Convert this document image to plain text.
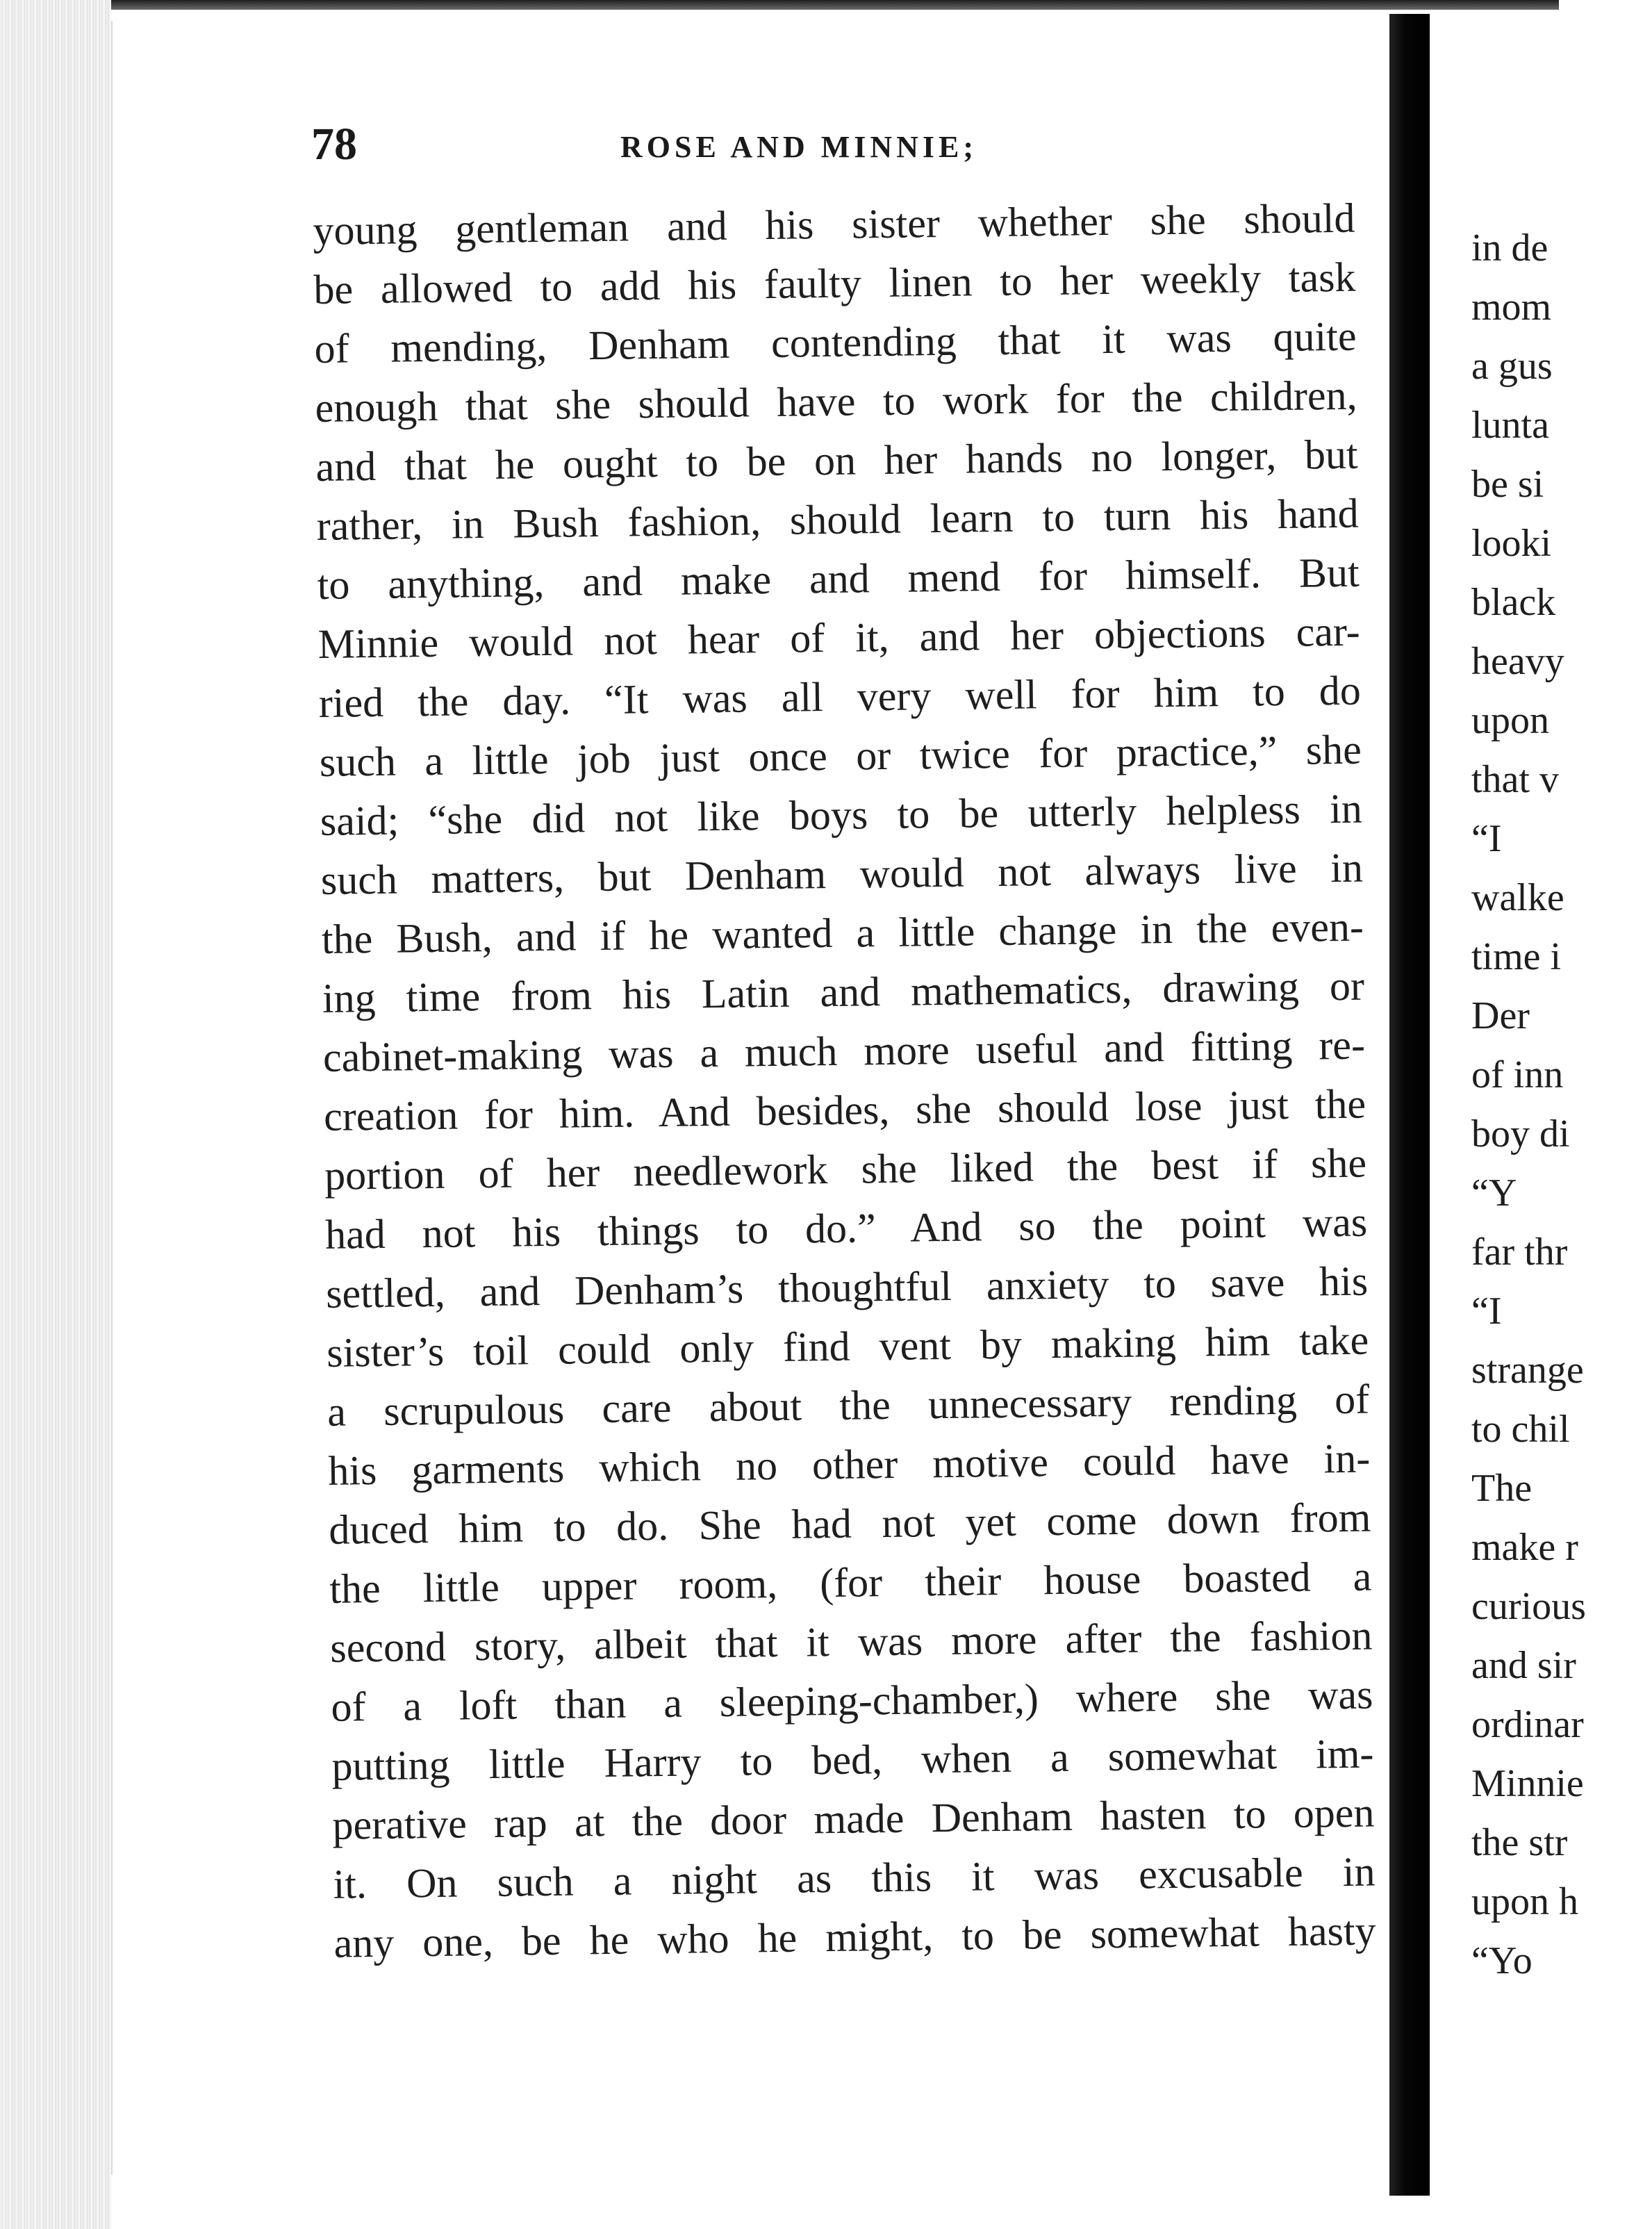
78	ROSE AND MINNIE;
young gentleman and his sister whether she should
be allowed to add his faulty linen to her weekly task
of mending, Denham contending that it was quite
enough that she should have to work for the children,
and that he ought to be on her hands no longer, but
rather, in Bush fashion, should learn to turn his hand
to anything, and make and mend for himself. But
Minnie would not hear of it, and her objections car-
ried the day. “It was all very well for him to do
such a little job just once or twice for practice,” she
said; “she did not like boys to be utterly helpless in
such matters, but Denham would not always live in
the Bush, and if he wanted a little change in the even-
ing time from his Latin and mathematics, drawing or
cabinet-making was a much more useful and fitting re-
creation for him. And besides, she should lose just the
portion of her needlework she liked the best if she
had not his things to do.” And so the point was
settled, and Denham’s thoughtful anxiety to save his
sister’s toil could only find vent by making him take
a scrupulous care about the unnecessary rending of
his garments which no other motive could have in-
duced him to do. She had not yet come down from
the little upper room, (for their house boasted a
second story, albeit that it was more after the fashion
of a loft than a sleeping-chamber,) where she was
putting little Harry to bed, when a somewhat im-
perative rap at the door made Denham hasten to open
it. On such a night as this it was excusable in
any one, be he who he might, to be somewhat hasty
in de
mom
a gus
lunta
be si
looki
black
heavy
upon
that v
“I
walke
time i
Der
of inn
boy di
“Y
far thr
“I
strange
to chil
The
make r
curious
and sir
ordinar
Minnie
the str
upon h
“Yo
